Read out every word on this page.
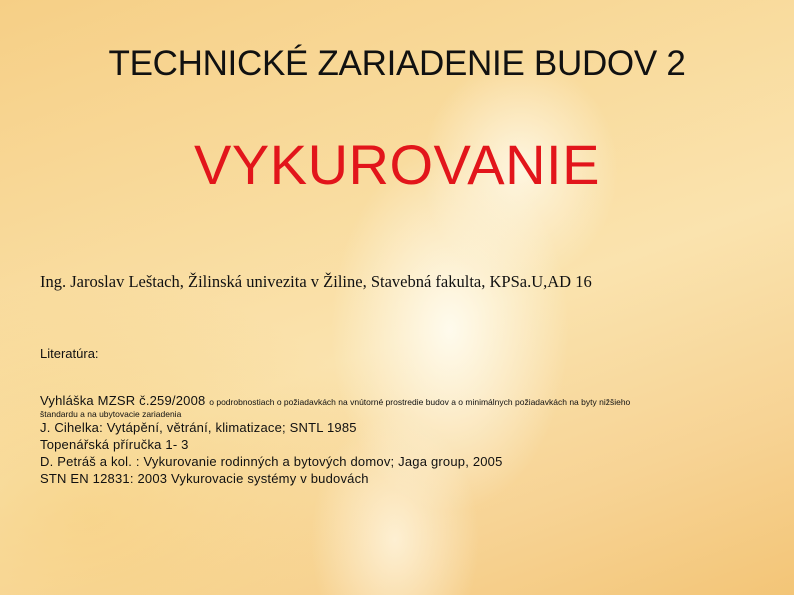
TECHNICKÉ ZARIADENIE BUDOV 2
VYKUROVANIE
Ing. Jaroslav Leštach, Žilinská univezita v Žiline, Stavebná fakulta, KPSa.U,AD 16
Literatúra:
Vyhláška MZSR č.259/2008 o podrobnostiach o požiadavkách na vnútorné prostredie budov a o minimálnych požiadavkách na byty nižšieho
štandardu a na ubytovacie zariadenia
J. Cihelka: Vytápění, větrání, klimatizace; SNTL 1985
Topenářská příručka 1- 3
D. Petráš a kol. : Vykurovanie rodinných a bytových domov; Jaga group, 2005
STN EN 12831: 2003 Vykurovacie systémy v budovách
